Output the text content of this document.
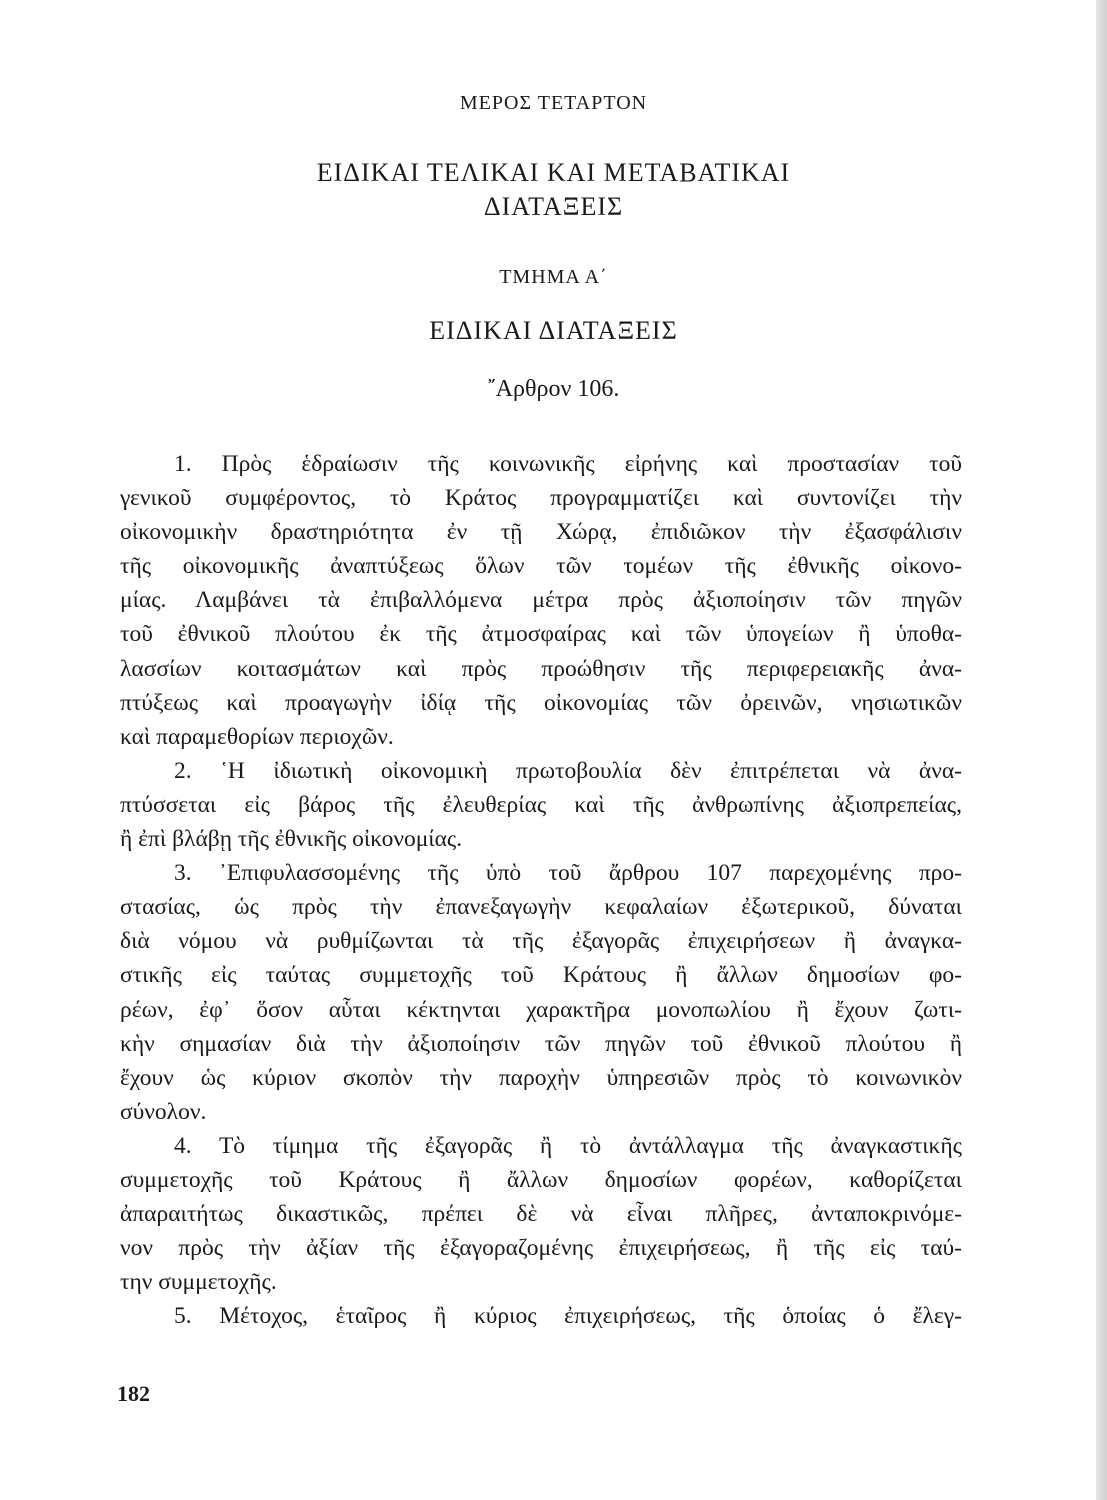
ΜΕΡΟΣ ΤΕΤΑΡΤΟΝ
ΕΙΔΙΚΑΙ ΤΕΛΙΚΑΙ ΚΑΙ ΜΕΤΑΒΑΤΙΚΑΙ
ΔΙΑΤΑΞΕΙΣ
ΤΜΗΜΑ Α΄
ΕΙΔΙΚΑΙ ΔΙΑΤΑΞΕΙΣ
῎Αρθρον 106.
1. Πρὸς ἑδραίωσιν τῆς κοινωνικῆς εἰρήνης καὶ προστασίαν τοῦ
γενικοῦ συμφέροντος, τὸ Κράτος προγραμματίζει καὶ συντονίζει τὴν
οἰκονομικὴν δραστηριότητα ἐν τῇ Χώρᾳ, ἐπιδιῶκον τὴν ἐξασφάλισιν
τῆς οἰκονομικῆς ἀναπτύξεως ὅλων τῶν τομέων τῆς ἐθνικῆς οἰκονο-
μίας. Λαμβάνει τὰ ἐπιβαλλόμενα μέτρα πρὸς ἀξιοποίησιν τῶν πηγῶν
τοῦ ἐθνικοῦ πλούτου ἐκ τῆς ἀτμοσφαίρας καὶ τῶν ὑπογείων ἢ ὑποθα-
λασσίων κοιτασμάτων καὶ πρὸς προώθησιν τῆς περιφερειακῆς ἀνα-
πτύξεως καὶ προαγωγὴν ἰδίᾳ τῆς οἰκονομίας τῶν ὀρεινῶν, νησιωτικῶν
καὶ παραμεθορίων περιοχῶν.
2. ῾Η ἰδιωτικὴ οἰκονομικὴ πρωτοβουλία δὲν ἐπιτρέπεται νὰ ἀνα-
πτύσσεται εἰς βάρος τῆς ἐλευθερίας καὶ τῆς ἀνθρωπίνης ἀξιοπρεπείας,
ἢ ἐπὶ βλάβῃ τῆς ἐθνικῆς οἰκονομίας.
3. ᾿Επιφυλασσομένης τῆς ὑπὸ τοῦ ἄρθρου 107 παρεχομένης προ-
στασίας, ὡς πρὸς τὴν ἐπανεξαγωγὴν κεφαλαίων ἐξωτερικοῦ, δύναται
διὰ νόμου νὰ ρυθμίζωνται τὰ τῆς ἐξαγορᾶς ἐπιχειρήσεων ἢ ἀναγκα-
στικῆς εἰς ταύτας συμμετοχῆς τοῦ Κράτους ἢ ἄλλων δημοσίων φο-
ρέων, ἐφ᾿ ὅσον αὗται κέκτηνται χαρακτῆρα μονοπωλίου ἢ ἔχουν ζωτι-
κὴν σημασίαν διὰ τὴν ἀξιοποίησιν τῶν πηγῶν τοῦ ἐθνικοῦ πλούτου ἢ
ἔχουν ὡς κύριον σκοπὸν τὴν παροχὴν ὑπηρεσιῶν πρὸς τὸ κοινωνικὸν
σύνολον.
4. Τὸ τίμημα τῆς ἐξαγορᾶς ἢ τὸ ἀντάλλαγμα τῆς ἀναγκαστικῆς
συμμετοχῆς τοῦ Κράτους ἢ ἄλλων δημοσίων φορέων, καθορίζεται
ἀπαραιτήτως δικαστικῶς, πρέπει δὲ νὰ εἶναι πλῆρες, ἀνταποκρινόμε-
νον πρὸς τὴν ἀξίαν τῆς ἐξαγοραζομένης ἐπιχειρήσεως, ἢ τῆς εἰς ταύ-
την συμμετοχῆς.
5. Μέτοχος, ἑταῖρος ἢ κύριος ἐπιχειρήσεως, τῆς ὁποίας ὁ ἔλεγ-
182
